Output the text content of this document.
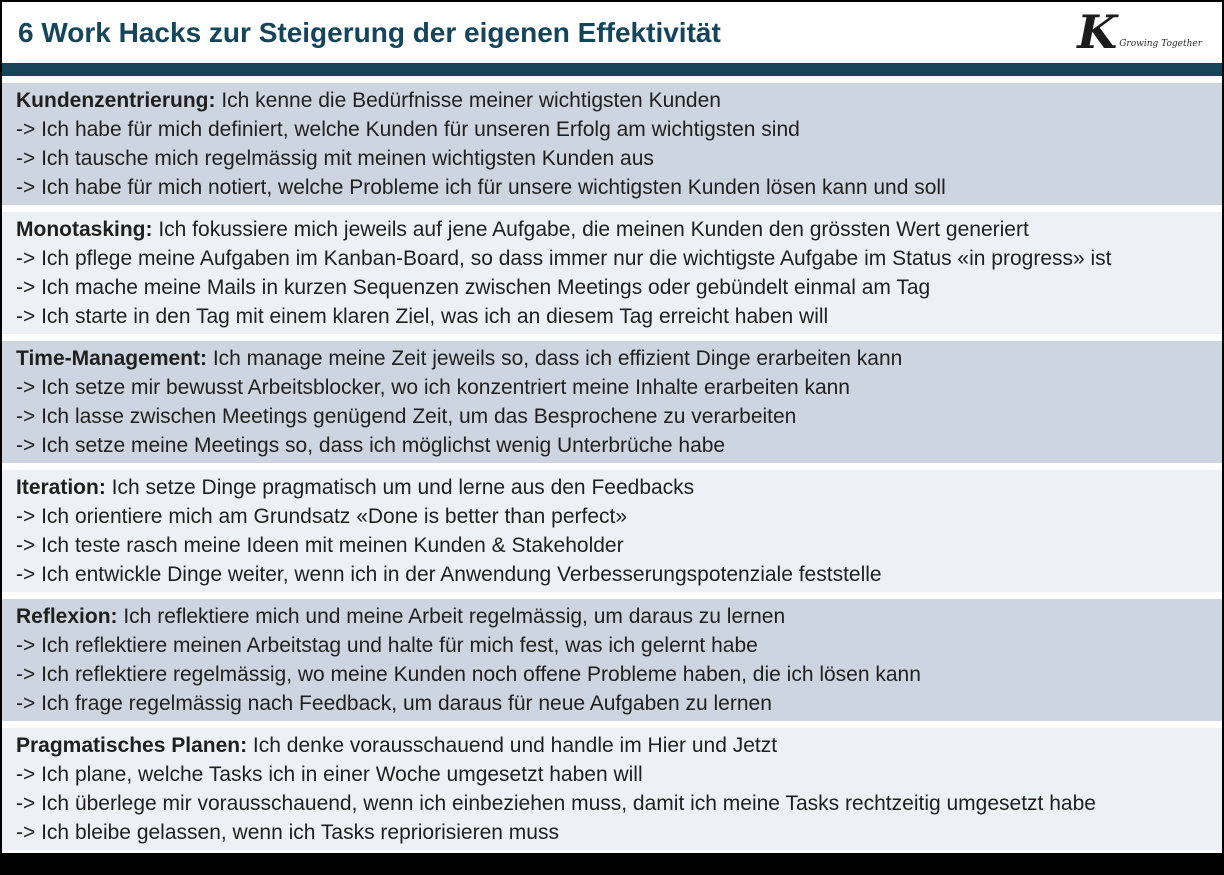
6 Work Hacks zur Steigerung der eigenen Effektivität	K Growing Together
Kundenzentrierung: Ich kenne die Bedürfnisse meiner wichtigsten Kunden
-> Ich habe für mich definiert, welche Kunden für unseren Erfolg am wichtigsten sind
-> Ich tausche mich regelmässig mit meinen wichtigsten Kunden aus
-> Ich habe für mich notiert, welche Probleme ich für unsere wichtigsten Kunden lösen kann und soll
Monotasking: Ich fokussiere mich jeweils auf jene Aufgabe, die meinen Kunden den grössten Wert generiert
-> Ich pflege meine Aufgaben im Kanban-Board, so dass immer nur die wichtigste Aufgabe im Status «in progress» ist
-> Ich mache meine Mails in kurzen Sequenzen zwischen Meetings oder gebündelt einmal am Tag
-> Ich starte in den Tag mit einem klaren Ziel, was ich an diesem Tag erreicht haben will
Time-Management: Ich manage meine Zeit jeweils so, dass ich effizient Dinge erarbeiten kann
-> Ich setze mir bewusst Arbeitsblocker, wo ich konzentriert meine Inhalte erarbeiten kann
-> Ich lasse zwischen Meetings genügend Zeit, um das Besprochene zu verarbeiten
-> Ich setze meine Meetings so, dass ich möglichst wenig Unterbrüche habe
Iteration: Ich setze Dinge pragmatisch um und lerne aus den Feedbacks
-> Ich orientiere mich am Grundsatz «Done is better than perfect»
-> Ich teste rasch meine Ideen mit meinen Kunden & Stakeholder
-> Ich entwickle Dinge weiter, wenn ich in der Anwendung Verbesserungspotenziale feststelle
Reflexion: Ich reflektiere mich und meine Arbeit regelmässig, um daraus zu lernen
-> Ich reflektiere meinen Arbeitstag und halte für mich fest, was ich gelernt habe
-> Ich reflektiere regelmässig, wo meine Kunden noch offene Probleme haben, die ich lösen kann
-> Ich frage regelmässig nach Feedback, um daraus für neue Aufgaben zu lernen
Pragmatisches Planen: Ich denke vorausschauend und handle im Hier und Jetzt
-> Ich plane, welche Tasks ich in einer Woche umgesetzt haben will
-> Ich überlege mir vorausschauend, wenn ich einbeziehen muss, damit ich meine Tasks rechtzeitig umgesetzt habe
-> Ich bleibe gelassen, wenn ich Tasks repriorisieren muss
